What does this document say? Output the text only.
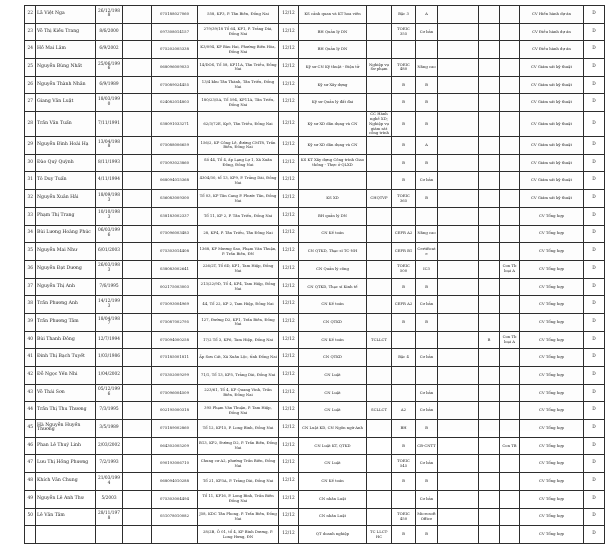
22	Lã Việt Nga	26/12/1988		075188027060	558, KP3, P. Tân Biên, Đồng Nai	12/12	KS cảnh quan và KT hoa viên		Bậc 3	A				CV Hiến hành dự án	D
23	Võ Thị Kiều Trang	8/6/2000		097308014157	279/39/18 Tổ 64, KP1, P. Trảng Dài, Đồng Nai	12/12	BH Quản lý DN		TOEIC 355	Cơ bản				CV Điều hành dự án	D
24	Hồ Mai Lâm	6/9/2002		075202005338	K3/094, KP Bàu Hai, Phường Biên Hòa, Đồng Nai	12/12	BH Quản lý DN							CV Điều hành dự án	D
25	Nguyễn Bùng Nhất	25/06/1996		068096009033	14/DOS, Tổ 58, KP11A, Tân Triều, Đồng Nai	12/12	Kỹ sư CN Kỹ thuật - Điện tử	Nghiệp vụ Sư phạm	TOEIC 480	Nâng cao				CV Giám sát kỹ thuật	D
26	Nguyễn Thành Nhân	6/9/1989		075089024455	13/4 khu Tân Thành, Tân Triều, Đồng Nai	12/12	Kỹ sư Xây dựng		B	B				CV Giám sát kỹ thuật	D
27	Giang Văn Luật	18/03/1990		024082014803	180/23/5A, Tổ 594, KP11A, Tân Triều, Đồng Nai	12/12	Kỹ sư Quản lý đất đai		B	B				CV Giám sát kỹ thuật	D
28	Trần Văn Tuấn	7/11/1991		038091033271	62/3/72E, Kp9, Tân Triều, Đồng Nai	12/12	Kỹ sư XD dân dụng và CN	CC Hành nghề XD; Nghiệp vụ giám sát công trình	B	B				CV Giám sát kỹ thuật	D
29	Nguyễn Đình Hoài Hạ	13/04/1988		075088006659	156/2, KP Công Lê, đường CMT8, Trấn Biên, Đồng Nai	12/12	Kỹ sư XD dân dụng và CN		B	A				CV Giám sát kỹ thuật	D
30	Đào Quý Quỳnh	8/11/1993		075093023860	Số 44, Tổ 4, ấp Lạng Lợ 1, Xã Xuân Đông, Đồng Nai	12/12	KS KT Xây dựng Công trình Giao thông - Thực ở QLXD		B	B				CV Giám sát kỹ thuật	D
31	Tô Duy Tuấn	4/11/1994		068094015368	4304/30, tổ 13, KP9, P. Trảng Dài, Đồng Nai	12/12			B	Cơ bản				CV Giám sát kỹ thuật	D
32	Nguyễn Xuân Hải	18/09/1983		036083009300	Tổ 03, KP Tân Cang P. Phước Tân, Đồng Nai	12/12	KS XD	CHQTVP	TOEIC 365	B				CV Giám sát kỹ thuật	D
33	Phạm Thị Trang	10/10/1983		038183002337	Tổ 11, KP 2, P. Tân Triều, Đồng Nai	12/12	BH quản lý DN							CV Tổng hợp	D
34	Bùi Lương Hoàng Phúc	06/03/1996		075096003483	28, KP4, P. Tân Triều, Tân Đông Nai	12/12	CN Kế toán		CEFR A2	Nâng cao				CV Tổng hợp	D
35	Nguyễn Mai Như	6/01/2003		075303014408	1368, KP Mương Sao, Phạm Văn Thuận, P. Trấn Biên, ĐN	12/12	CN QTKD, Thạc sĩ TC-NH		CEFR B1	Certificate				CV Tổng hợp	D
36	Nguyễn Đạt Dương	26/03/1983		038083002641	226/2T, Tổ 6D, KP1, Tam Hiệp, Đồng Nai	12/12	CN Quản lý công		TOEIC 500	IC3			Con Tb loại A	CV Tổng hợp	D
37	Nguyễn Thị Anh	7/6/1995		002175003003	213/22/9D, Tổ 4, KP4, Tam Hiệp, Đồng Nai	12/12	CN QTKD, Thạc sĩ Kinh tế		B	B				CV Tổng hợp	D
38	Trần Phương Anh	14/12/1993		075093004969	44, Tổ 22, KP 2, Tam Hiệp, Đồng Nai	12/12	CN Kế toán		CEFR A2	Cơ bản				CV Tổng hợp	D
39	Trần Phương Tâm	18/04/1987		075087002795	127, Đường D2, KP1, Trấn Biên, Đồng Nai	12/12	CN QTKD		B	B				CV Tổng hợp	D
40	Bùi Thanh Đông	12/7/1994		075094000258	17/2 Tổ 3, KP6, Tam Hiệp, Đồng Nai	12/12	CN Kế toán	TCLLCT				B	Con Tb loại A	CV Tổng hợp	D
41	Đinh Thị Bạch Tuyết	1/03/1986		075185001811	Ấp Sơn Cát, Xã Xuân Lộc, tỉnh Đồng Nai	12/12	CN QTKD		Bậc 4	Cơ bản				CV Tổng hợp	D
42	Đỗ Ngọc Yến Nhi	1/04/2002		075302009299	71/1, Tổ 13, KP5, Trảng Dài, Đồng Nai	12/12	CN Luật							CV Tổng hợp	D
43	Võ Thái Sơn	05/12/1996		075096004509	223/61, Tổ 4, KP Quang Vinh, Trấn Biên, Đồng Nai	12/12	CN Luật			Cơ bản				CV Tổng hợp	D
44	Trần Thị Thu Thương	7/3/1995		002195000318	395 Phạm Văn Thuận, P. Tam Hiệp, Đồng Nai	12/12	CN Luật	SCLLCT	A2	Cơ bản				CV Tổng hợp	D
45	Hà Nguyễn Huyền Thương	3/5/1989		075189002860	Tổ 12, KP15, P. Long Bình, Đồng Nai	12/12	CN Luật KD, CN Ngôn ngữ Anh		BH	B				CV Tổng hợp	D
46	Phan Lê Thuý Linh	2/03/2002		064302005209	B13, KP2, Đường D2, P. Trấn Biên, Đồng Nai	12/12	CN Luật KT, QTKD		B	CB-CNTT			Con TB	CV Tổng hợp	D
47	Lưu Thị Hồng Phương	7/2/1993		090193006710	Chung cư A2, phường Trấn Biên, Đồng Nai	12/12	CN Luật		TOEIC 545	Cơ bản				CV Tổng hợp	D
48	Khích Văn Chung	21/03/1994		068094010288	Tổ 21, KP3A, P. Trảng Dài, Đồng Nai	12/12	CN Kế toán		B	B				CV Tổng hợp	D
49	Nguyễn Lê Anh Thư	5/2003		075303004494	Tổ 11, KP16, P. Long Bình, Trấn Biên Đồng Nai	12/12	CN nhân Luật			Cơ bản				CV Tổng hợp	D
50	Lê Văn Tâm	28/11/1978		051078010082	J58, KDC Tân Phong, P. Trấn Biên, Đồng Nai	12/12	CN nhân Luật		TOEIC 450	Microsoft Office				CV Tổng hợp	D
					28/2B, Ô 01, tổ 4, KP Bình Dương, P. Long Hưng, ĐN	12/12	QT doanh nghiệp	TC LLCT-HC	B	B				CV Tổng hợp	D
